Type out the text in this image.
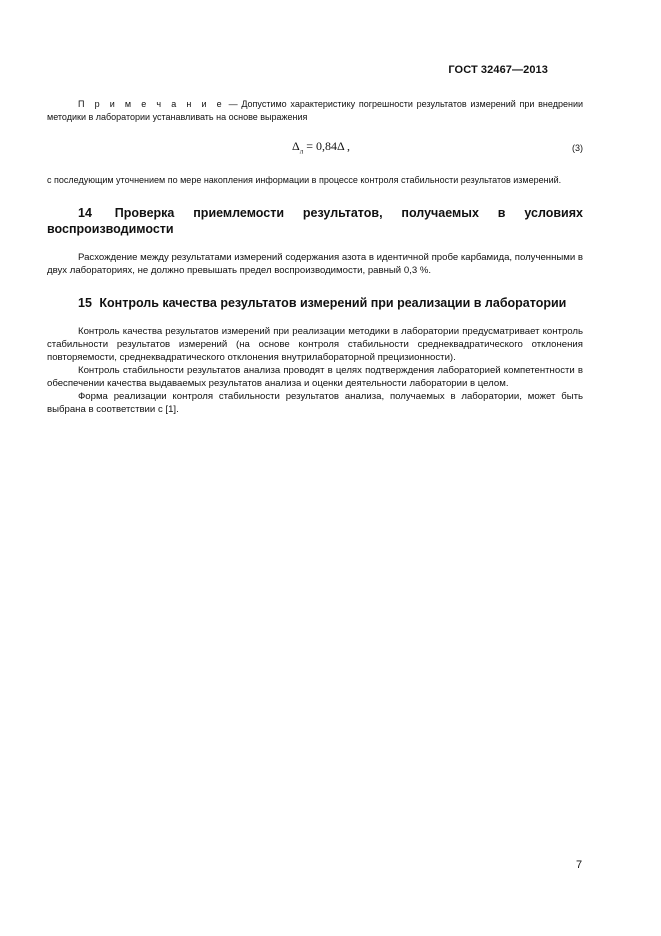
ГОСТ 32467—2013

П р и м е ч а н и е — Допустимо характеристику погрешности результатов измерений при внедрении методики в лаборатории устанавливать на основе выражения

$\Delta_л = 0,84\Delta$ ,	(3)

с последующим уточнением по мере накопления информации в процессе контроля стабильности результатов измерений.

14 Проверка приемлемости результатов, получаемых в условиях воспроизводимости

Расхождение между результатами измерений содержания азота в идентичной пробе карбамида, полученными в двух лабораториях, не должно превышать предел воспроизводимости, равный 0,3 %.

15 Контроль качества результатов измерений при реализации в лаборатории

Контроль качества результатов измерений при реализации методики в лаборатории предусматривает контроль стабильности результатов измерений (на основе контроля стабильности среднеквадратического отклонения повторяемости, среднеквадратического отклонения внутрилабораторной прецизионности).

Контроль стабильности результатов анализа проводят в целях подтверждения лабораторией компетентности в обеспечении качества выдаваемых результатов анализа и оценки деятельности лаборатории в целом.

Форма реализации контроля стабильности результатов анализа, получаемых в лаборатории, может быть выбрана в соответствии с [1].

7
